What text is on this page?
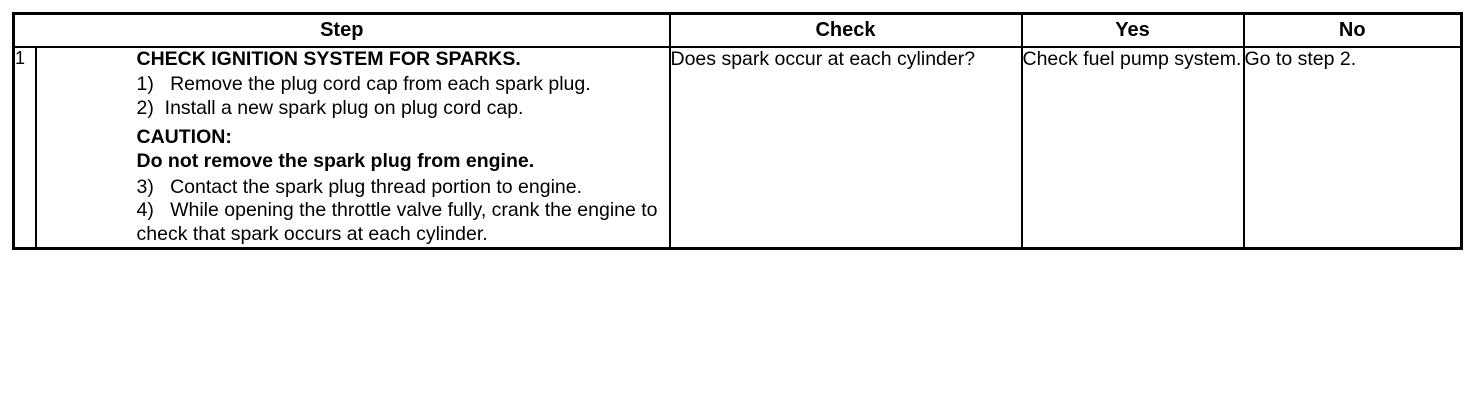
Step		Check	Yes	No
1	CHECK IGNITION SYSTEM FOR SPARKS.

1)   Remove the plug cord cap from each spark plug.

2)  Install a new spark plug on plug cord cap.

CAUTION:

Do not remove the spark plug from engine.

3)   Contact the spark plug thread portion to engine.

4)   While opening the throttle valve fully, crank the engine to check that spark occurs at each cylinder.

	Does spark occur at each cylinder?	Check fuel pump system.	Go to step 2.
